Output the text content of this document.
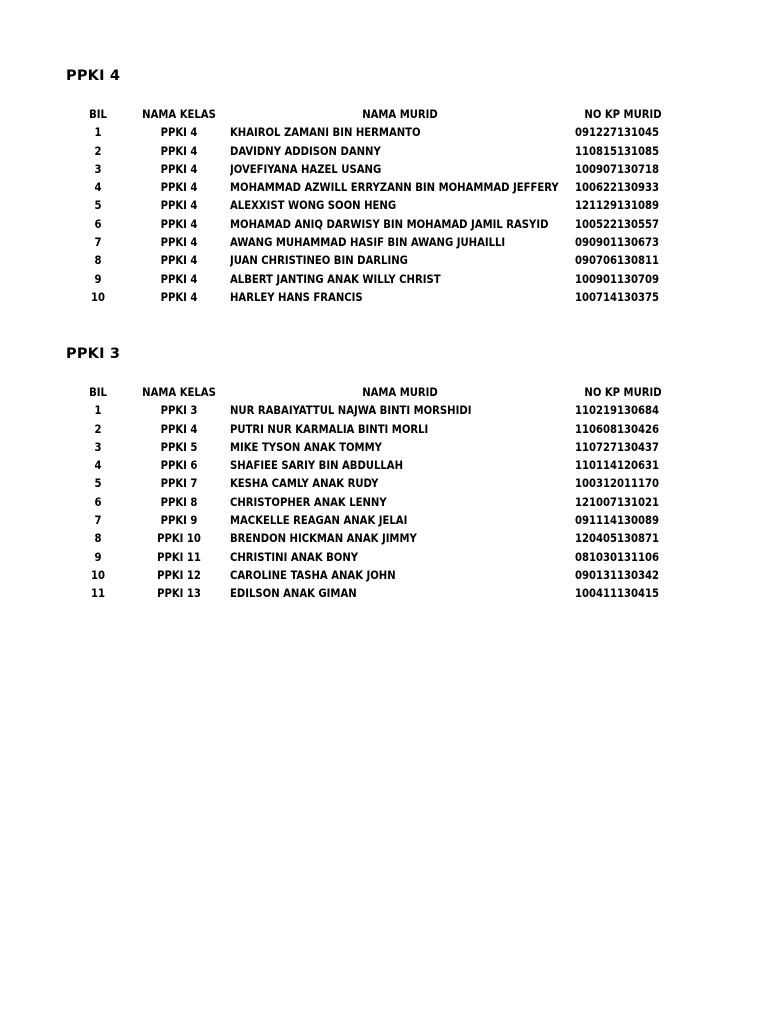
PPKI 4
BIL	NAMA KELAS	NAMA MURID	NO KP MURID
1	PPKI 4	KHAIROL ZAMANI BIN HERMANTO	091227131045
2	PPKI 4	DAVIDNY ADDISON DANNY	110815131085
3	PPKI 4	JOVEFIYANA HAZEL USANG	100907130718
4	PPKI 4	MOHAMMAD AZWILL ERRYZANN BIN MOHAMMAD JEFFERY	100622130933
5	PPKI 4	ALEXXIST WONG SOON HENG	121129131089
6	PPKI 4	MOHAMAD ANIQ DARWISY BIN MOHAMAD JAMIL RASYID	100522130557
7	PPKI 4	AWANG MUHAMMAD HASIF BIN AWANG JUHAILLI	090901130673
8	PPKI 4	JUAN CHRISTINEO BIN DARLING	090706130811
9	PPKI 4	ALBERT JANTING ANAK WILLY CHRIST	100901130709
10	PPKI 4	HARLEY HANS FRANCIS	100714130375
PPKI 3
BIL	NAMA KELAS	NAMA MURID	NO KP MURID
1	PPKI 3	NUR RABAIYATTUL NAJWA BINTI MORSHIDI	110219130684
2	PPKI 4	PUTRI NUR KARMALIA BINTI MORLI	110608130426
3	PPKI 5	MIKE TYSON ANAK TOMMY	110727130437
4	PPKI 6	SHAFIEE SARIY BIN ABDULLAH	110114120631
5	PPKI 7	KESHA CAMLY ANAK RUDY	100312011170
6	PPKI 8	CHRISTOPHER ANAK LENNY	121007131021
7	PPKI 9	MACKELLE REAGAN ANAK JELAI	091114130089
8	PPKI 10	BRENDON HICKMAN ANAK JIMMY	120405130871
9	PPKI 11	CHRISTINI ANAK BONY	081030131106
10	PPKI 12	CAROLINE TASHA ANAK JOHN	090131130342
11	PPKI 13	EDILSON ANAK GIMAN	100411130415
